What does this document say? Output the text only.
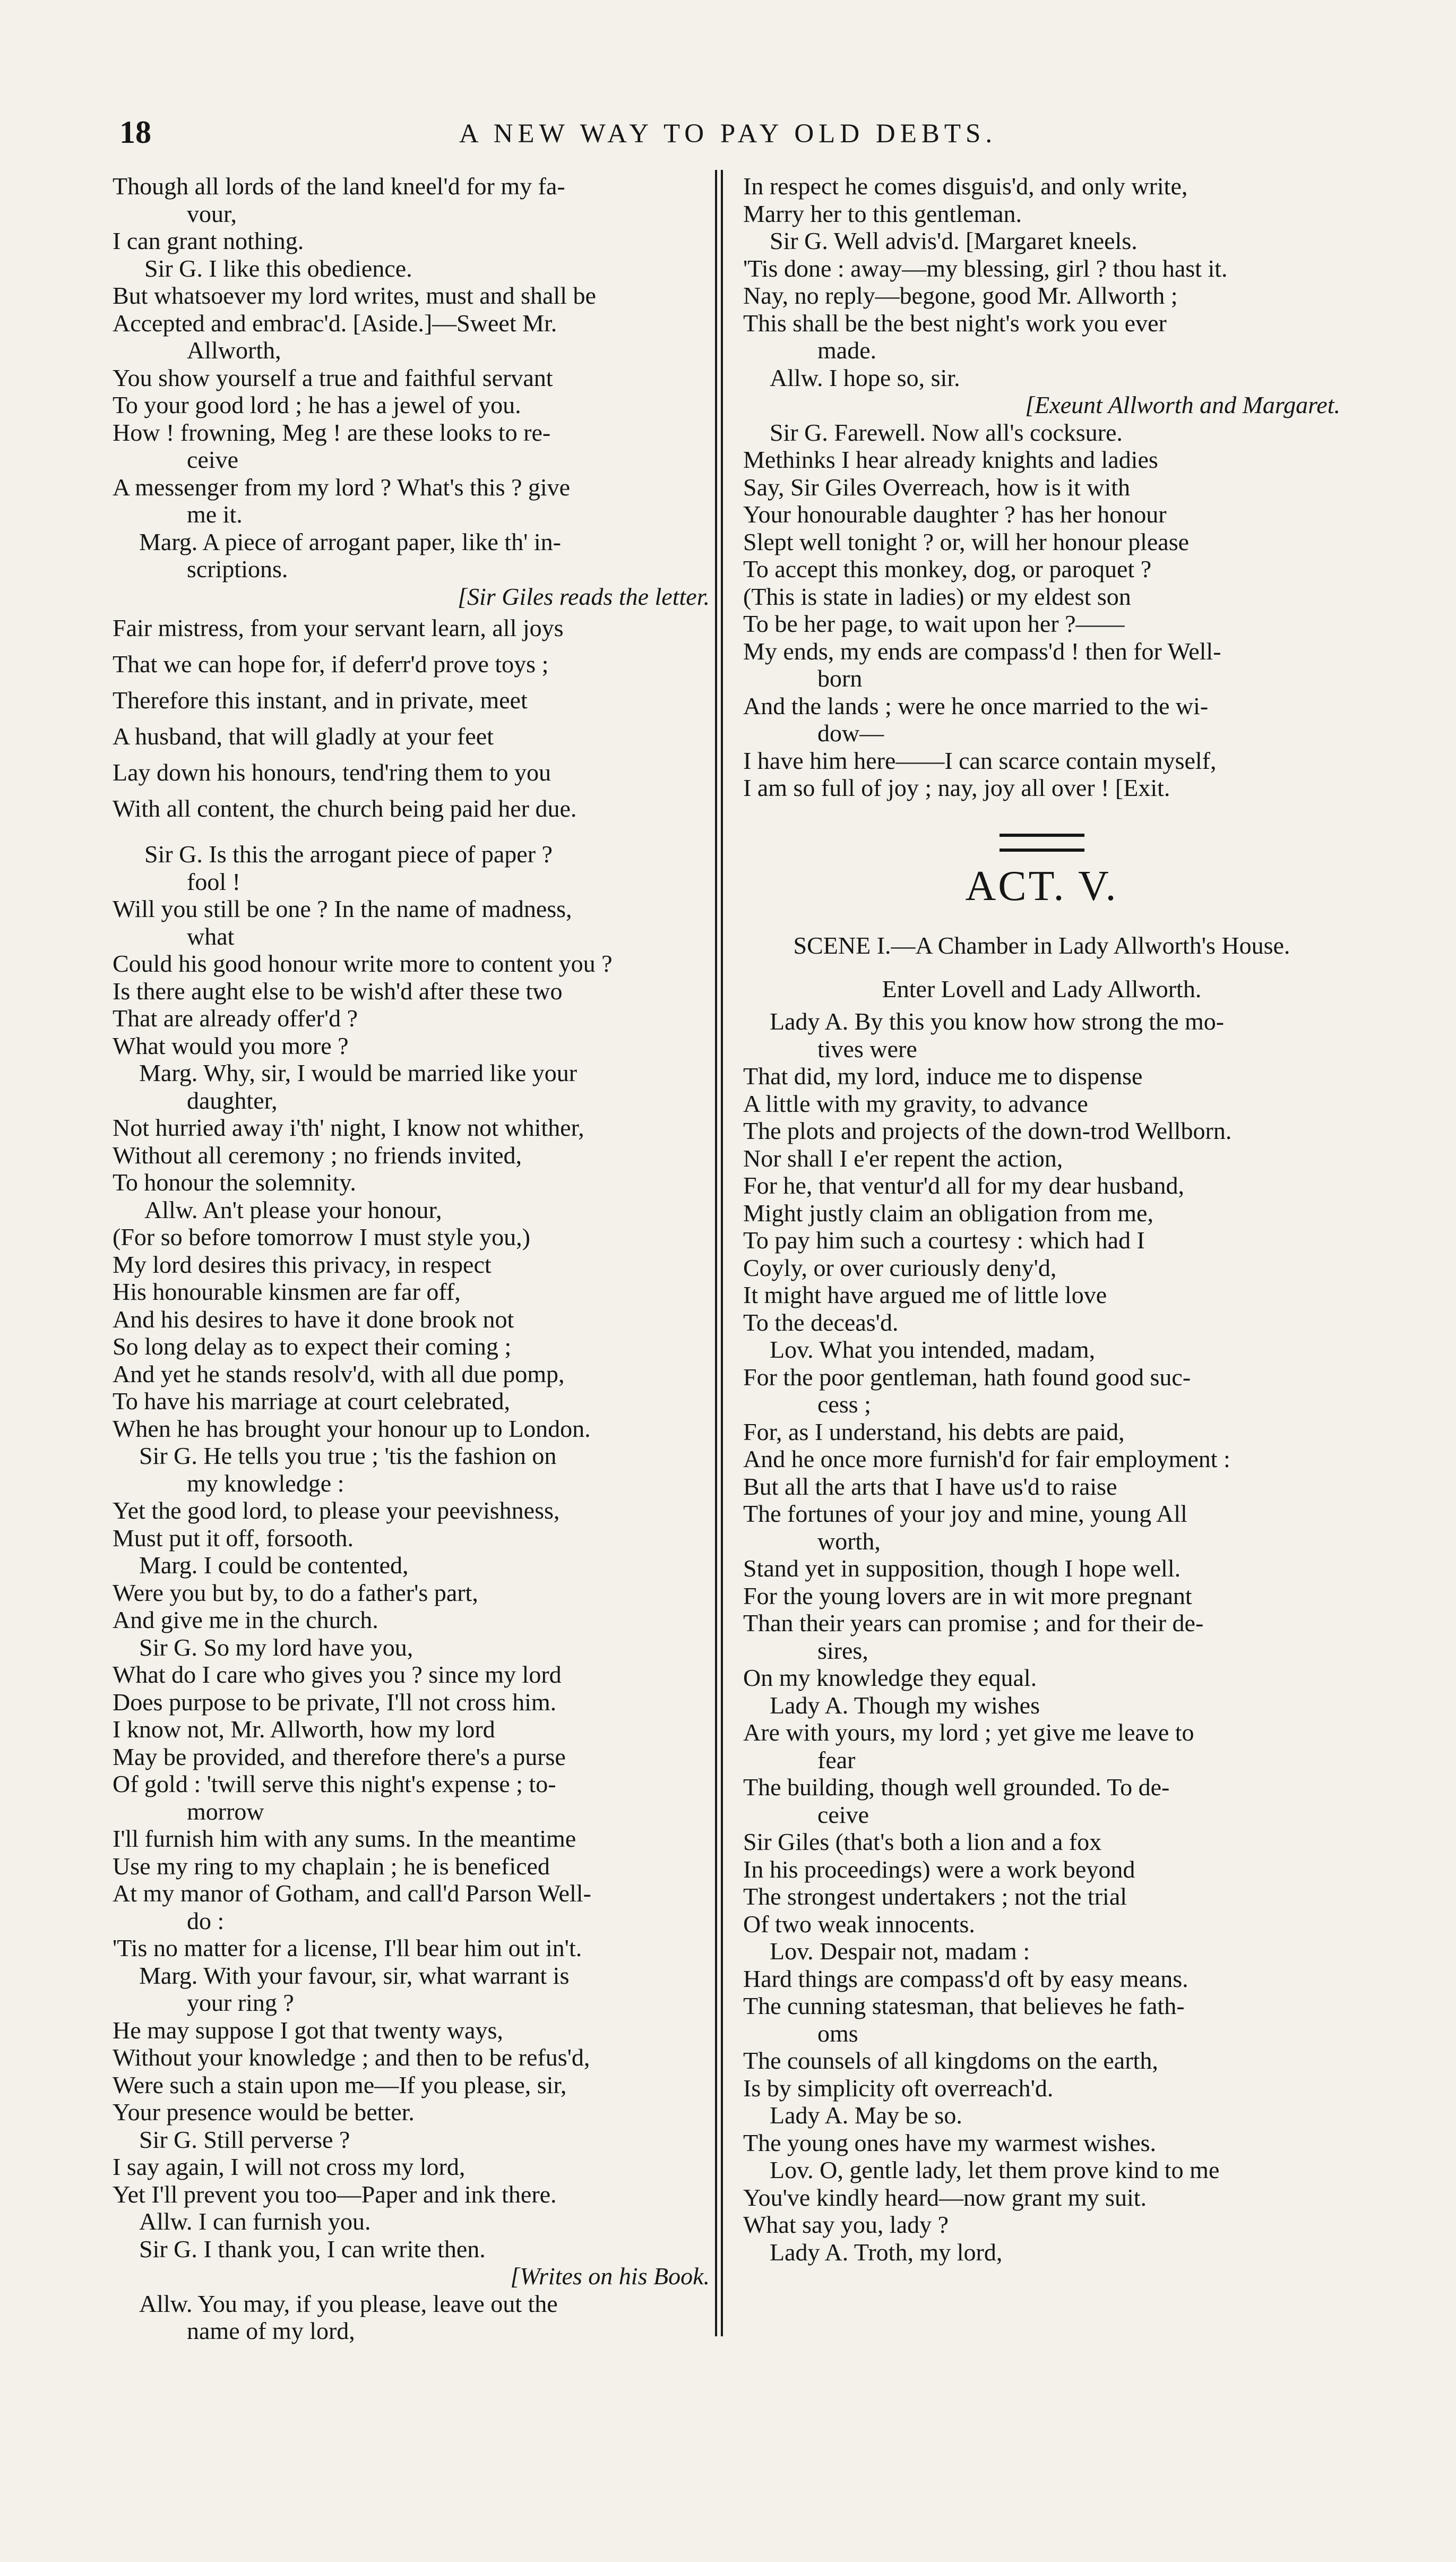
18	A NEW WAY TO PAY OLD DEBTS.
Though all lords of the land kneel'd for my fa-
vour,
I can grant nothing.
Sir G. I like this obedience.
But whatsoever my lord writes, must and shall be
Accepted and embrac'd. [Aside.]—Sweet Mr.
Allworth,
You show yourself a true and faithful servant
To your good lord ; he has a jewel of you.
How ! frowning, Meg ! are these looks to re-
ceive
A messenger from my lord ? What's this ? give
me it.
Marg. A piece of arrogant paper, like th' in-
scriptions.
[Sir Giles reads the letter.
Fair mistress, from your servant learn, all joys
That we can hope for, if deferr'd prove toys ;
Therefore this instant, and in private, meet
A husband, that will gladly at your feet
Lay down his honours, tend'ring them to you
With all content, the church being paid her due.
Sir G. Is this the arrogant piece of paper ?
fool !
Will you still be one ? In the name of madness,
what
Could his good honour write more to content you ?
Is there aught else to be wish'd after these two
That are already offer'd ?
What would you more ?
Marg. Why, sir, I would be married like your
daughter,
Not hurried away i'th' night, I know not whither,
Without all ceremony ; no friends invited,
To honour the solemnity.
Allw. An't please your honour,
(For so before tomorrow I must style you,)
My lord desires this privacy, in respect
His honourable kinsmen are far off,
And his desires to have it done brook not
So long delay as to expect their coming ;
And yet he stands resolv'd, with all due pomp,
To have his marriage at court celebrated,
When he has brought your honour up to London.
Sir G. He tells you true ; 'tis the fashion on
my knowledge :
Yet the good lord, to please your peevishness,
Must put it off, forsooth.
Marg. I could be contented,
Were you but by, to do a father's part,
And give me in the church.
Sir G. So my lord have you,
What do I care who gives you ? since my lord
Does purpose to be private, I'll not cross him.
I know not, Mr. Allworth, how my lord
May be provided, and therefore there's a purse
Of gold : 'twill serve this night's expense ; to-
morrow
I'll furnish him with any sums. In the meantime
Use my ring to my chaplain ; he is beneficed
At my manor of Gotham, and call'd Parson Well-
do :
'Tis no matter for a license, I'll bear him out in't.
Marg. With your favour, sir, what warrant is
your ring ?
He may suppose I got that twenty ways,
Without your knowledge ; and then to be refus'd,
Were such a stain upon me—If you please, sir,
Your presence would be better.
Sir G. Still perverse ?
I say again, I will not cross my lord,
Yet I'll prevent you too—Paper and ink there.
Allw. I can furnish you.
Sir G. I thank you, I can write then.
[Writes on his Book.
Allw. You may, if you please, leave out the
name of my lord,
In respect he comes disguis'd, and only write,
Marry her to this gentleman.
Sir G. Well advis'd. [Margaret kneels.
'Tis done : away—my blessing, girl ? thou hast it.
Nay, no reply—begone, good Mr. Allworth ;
This shall be the best night's work you ever
made.
Allw. I hope so, sir.
[Exeunt Allworth and Margaret.
Sir G. Farewell. Now all's cocksure.
Methinks I hear already knights and ladies
Say, Sir Giles Overreach, how is it with
Your honourable daughter ? has her honour
Slept well tonight ? or, will her honour please
To accept this monkey, dog, or paroquet ?
(This is state in ladies) or my eldest son
To be her page, to wait upon her ?——
My ends, my ends are compass'd ! then for Well-
born
And the lands ; were he once married to the wi-
dow—
I have him here——I can scarce contain myself,
I am so full of joy ; nay, joy all over ! [Exit.
ACT. V.
SCENE I.—A Chamber in Lady Allworth's House.
Enter Lovell and Lady Allworth.
Lady A. By this you know how strong the mo-
tives were
That did, my lord, induce me to dispense
A little with my gravity, to advance
The plots and projects of the down-trod Wellborn.
Nor shall I e'er repent the action,
For he, that ventur'd all for my dear husband,
Might justly claim an obligation from me,
To pay him such a courtesy : which had I
Coyly, or over curiously deny'd,
It might have argued me of little love
To the deceas'd.
Lov. What you intended, madam,
For the poor gentleman, hath found good suc-
cess ;
For, as I understand, his debts are paid,
And he once more furnish'd for fair employment :
But all the arts that I have us'd to raise
The fortunes of your joy and mine, young All
worth,
Stand yet in supposition, though I hope well.
For the young lovers are in wit more pregnant
Than their years can promise ; and for their de-
sires,
On my knowledge they equal.
Lady A. Though my wishes
Are with yours, my lord ; yet give me leave to
fear
The building, though well grounded. To de-
ceive
Sir Giles (that's both a lion and a fox
In his proceedings) were a work beyond
The strongest undertakers ; not the trial
Of two weak innocents.
Lov. Despair not, madam :
Hard things are compass'd oft by easy means.
The cunning statesman, that believes he fath-
oms
The counsels of all kingdoms on the earth,
Is by simplicity oft overreach'd.
Lady A. May be so.
The young ones have my warmest wishes.
Lov. O, gentle lady, let them prove kind to me
You've kindly heard—now grant my suit.
What say you, lady ?
Lady A. Troth, my lord,
